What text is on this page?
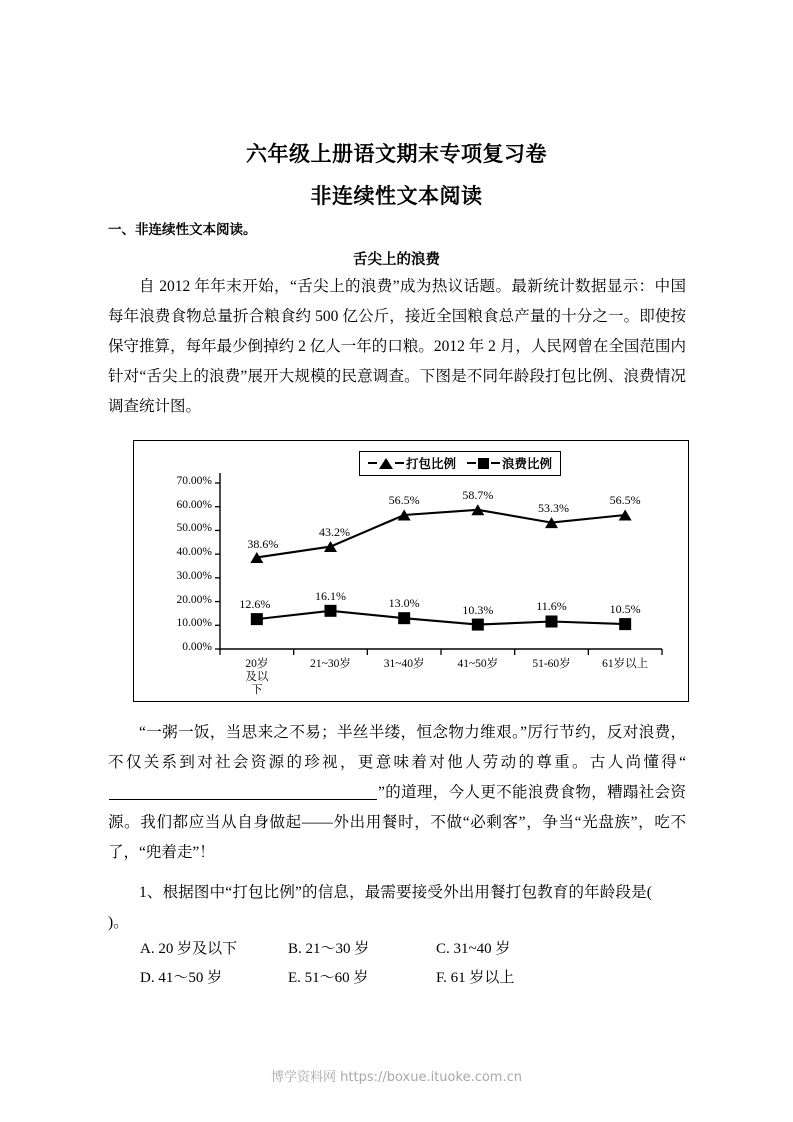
六年级上册语文期末专项复习卷
非连续性文本阅读
一、非连续性文本阅读。
舌尖上的浪费
自 2012 年年末开始，“舌尖上的浪费”成为热议话题。最新统计数据显示：中国每年浪费食物总量折合粮食约 500 亿公斤，接近全国粮食总产量的十分之一。即使按保守推算，每年最少倒掉约 2 亿人一年的口粮。2012 年 2 月，人民网曾在全国范围内针对“舌尖上的浪费”展开大规模的民意调查。下图是不同年龄段打包比例、浪费情况调查统计图。
打包比例	浪费比例
70.00%
60.00%
50.00%
40.00%
30.00%
20.00%
10.00%
0.00%
20岁
及以
下
21~30岁	31~40岁	41~50岁	51-60岁	61岁以上
38.6%
43.2%
56.5%	58.7%
53.3%
56.5%
12.6%
16.1%
13.0%	10.3%	11.6%	10.5%
“一粥一饭，当思来之不易；半丝半缕，恒念物力维艰。”厉行节约，反对浪费，不仅关系到对社会资源的珍视，更意味着对他人劳动的尊重。古人尚懂得“”的道理，今人更不能浪费食物，糟蹋社会资源。我们都应当从自身做起——外出用餐时，不做“必剩客”，争当“光盘族”，吃不了，“兜着走”！
1、根据图中“打包比例”的信息，最需要接受外出用餐打包教育的年龄段是()。
A. 20 岁及以下	B. 21～30 岁	C. 31~40 岁
D. 41～50 岁	E. 51～60 岁	F. 61 岁以上
博学资料网 https://boxue.ituoke.com.cn
